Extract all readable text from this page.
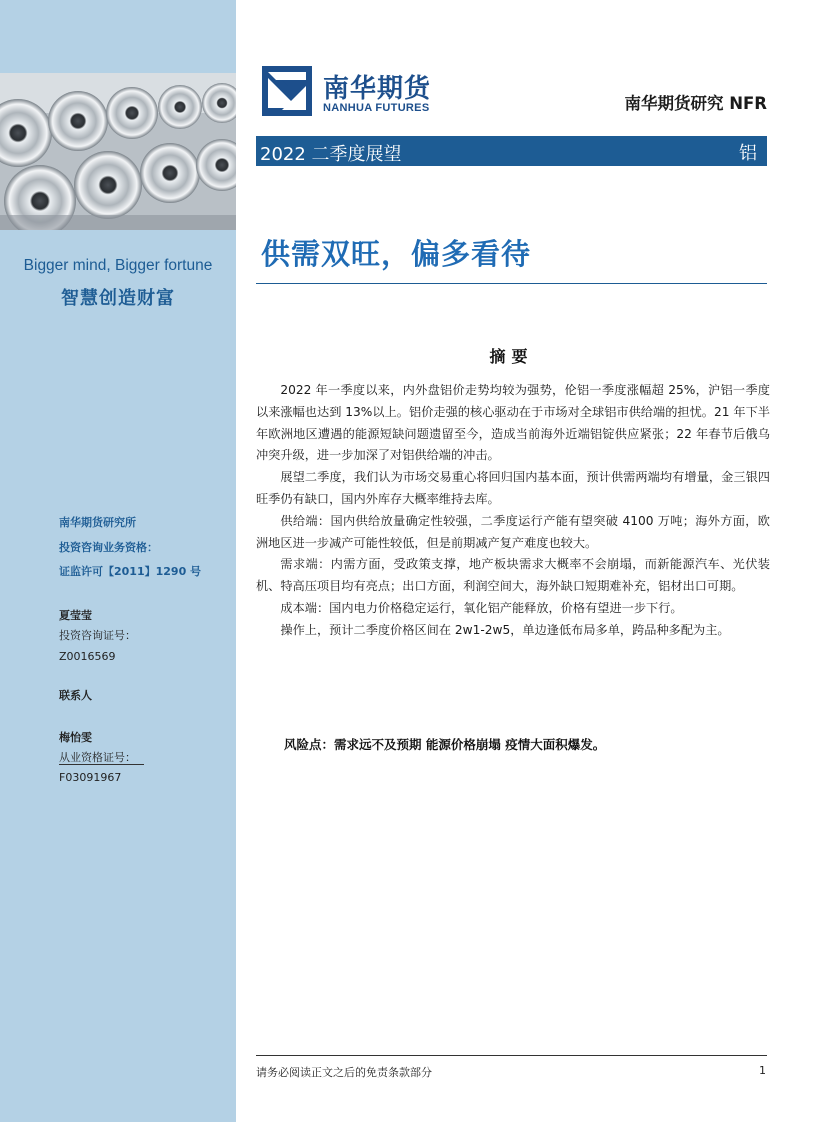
Bigger mind, Bigger fortune
智慧创造财富
南华期货研究所
投资咨询业务资格：
证监许可【2011】1290 号
夏莹莹
投资咨询证号：
Z0016569
联系人
梅怡雯
从业资格证号：
F03091967
南华期货
NANHUA FUTURES	南华期货研究 NFR
2022 二季度展望	铝
供需双旺，偏多看待
摘要

2022 年一季度以来，内外盘铝价走势均较为强势，伦铝一季度涨幅超 25%，沪铝一季度以来涨幅也达到 13%以上。铝价走强的核心驱动在于市场对全球铝市供给端的担忧。21 年下半年欧洲地区遭遇的能源短缺问题遗留至今，造成当前海外近端铝锭供应紧张；22 年春节后俄乌冲突升级，进一步加深了对铝供给端的冲击。

展望二季度，我们认为市场交易重心将回归国内基本面，预计供需两端均有增量，金三银四旺季仍有缺口，国内外库存大概率维持去库。

供给端：国内供给放量确定性较强，二季度运行产能有望突破 4100 万吨；海外方面，欧洲地区进一步减产可能性较低，但是前期减产复产难度也较大。

需求端：内需方面，受政策支撑，地产板块需求大概率不会崩塌，而新能源汽车、光伏装机、特高压项目均有亮点；出口方面，利润空间大，海外缺口短期难补充，铝材出口可期。

成本端：国内电力价格稳定运行，氧化铝产能释放，价格有望进一步下行。

操作上，预计二季度价格区间在 2w1-2w5，单边逢低布局多单，跨品种多配为主。

风险点：需求远不及预期 能源价格崩塌 疫情大面积爆发。
请务必阅读正文之后的免责条款部分	1
